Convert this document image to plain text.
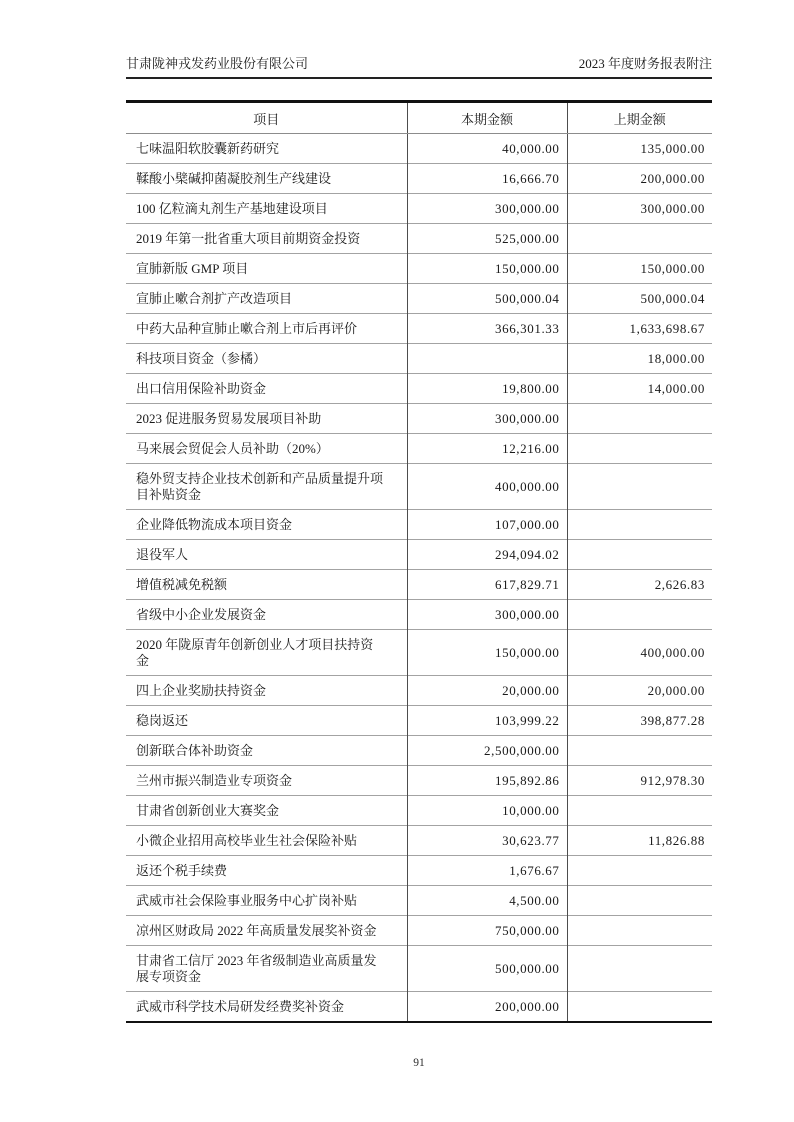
甘肃陇神戎发药业股份有限公司	2023 年度财务报表附注
项目	本期金额	上期金额
七味温阳软胶囊新药研究	40,000.00	135,000.00
鞣酸小檗碱抑菌凝胶剂生产线建设	16,666.70	200,000.00
100 亿粒滴丸剂生产基地建设项目	300,000.00	300,000.00
2019 年第一批省重大项目前期资金投资	525,000.00	
宣肺新版 GMP 项目	150,000.00	150,000.00
宣肺止嗽合剂扩产改造项目	500,000.04	500,000.04
中药大品种宣肺止嗽合剂上市后再评价	366,301.33	1,633,698.67
科技项目资金（参橘）		18,000.00
出口信用保险补助资金	19,800.00	14,000.00
2023 促进服务贸易发展项目补助	300,000.00	
马来展会贸促会人员补助（20%）	12,216.00	
稳外贸支持企业技术创新和产品质量提升项目补贴资金	400,000.00	
企业降低物流成本项目资金	107,000.00	
退役军人	294,094.02	
增值税减免税额	617,829.71	2,626.83
省级中小企业发展资金	300,000.00	
2020 年陇原青年创新创业人才项目扶持资金	150,000.00	400,000.00
四上企业奖励扶持资金	20,000.00	20,000.00
稳岗返还	103,999.22	398,877.28
创新联合体补助资金	2,500,000.00	
兰州市振兴制造业专项资金	195,892.86	912,978.30
甘肃省创新创业大赛奖金	10,000.00	
小微企业招用高校毕业生社会保险补贴	30,623.77	11,826.88
返还个税手续费	1,676.67	
武威市社会保险事业服务中心扩岗补贴	4,500.00	
凉州区财政局 2022 年高质量发展奖补资金	750,000.00	
甘肃省工信厅 2023 年省级制造业高质量发展专项资金	500,000.00	
武威市科学技术局研发经费奖补资金	200,000.00	
91
